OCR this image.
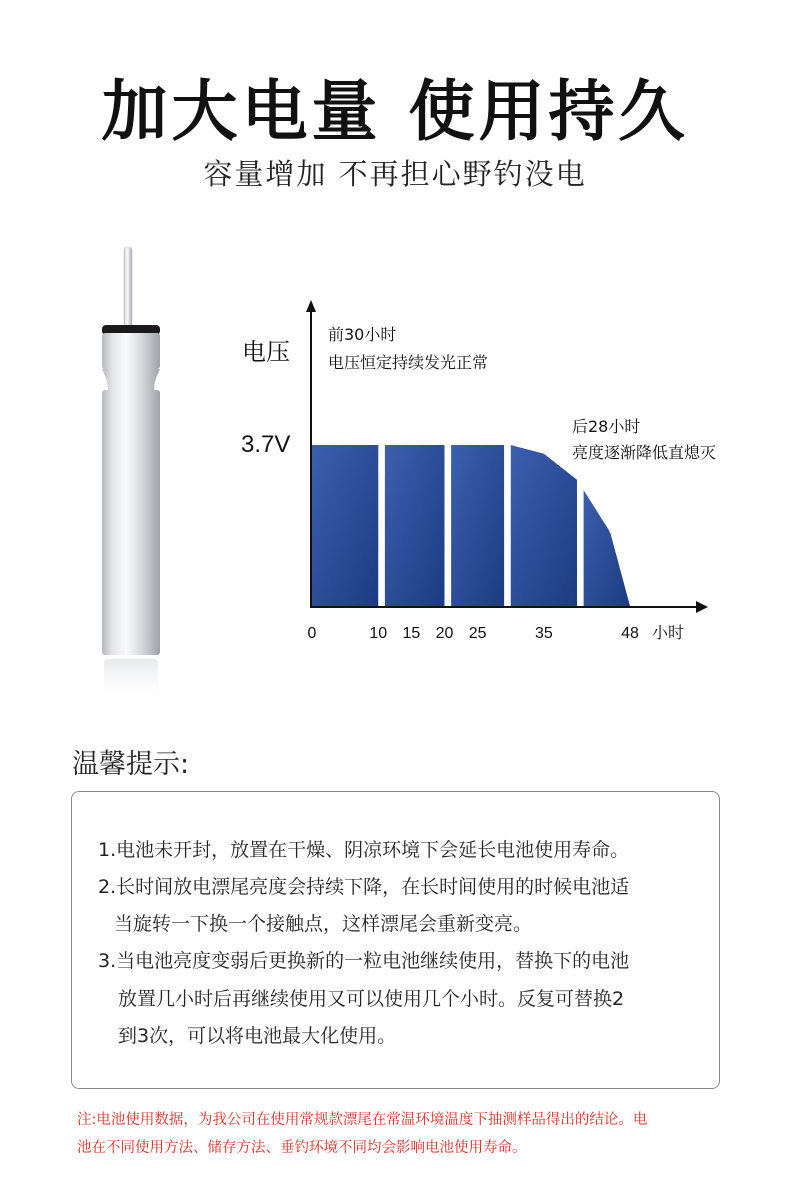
加大电量 使用持久
容量增加 不再担心野钓没电
电压
3.7V
前30小时
电压恒定持续发光正常
后28小时
亮度逐渐降低直熄灭
0	10 15 20 25	35	48 小时
温馨提示:
1.电池未开封，放置在干燥、阴凉环境下会延长电池使用寿命。
2.长时间放电漂尾亮度会持续下降，在长时间使用的时候电池适
当旋转一下换一个接触点，这样漂尾会重新变亮。
3.当电池亮度变弱后更换新的一粒电池继续使用，替换下的电池
放置几小时后再继续使用又可以使用几个小时。反复可替换2
到3次，可以将电池最大化使用。
注:电池使用数据，为我公司在使用常规款漂尾在常温环境温度下抽测样品得出的结论。电
池在不同使用方法、储存方法、垂钓环境不同均会影响电池使用寿命。
